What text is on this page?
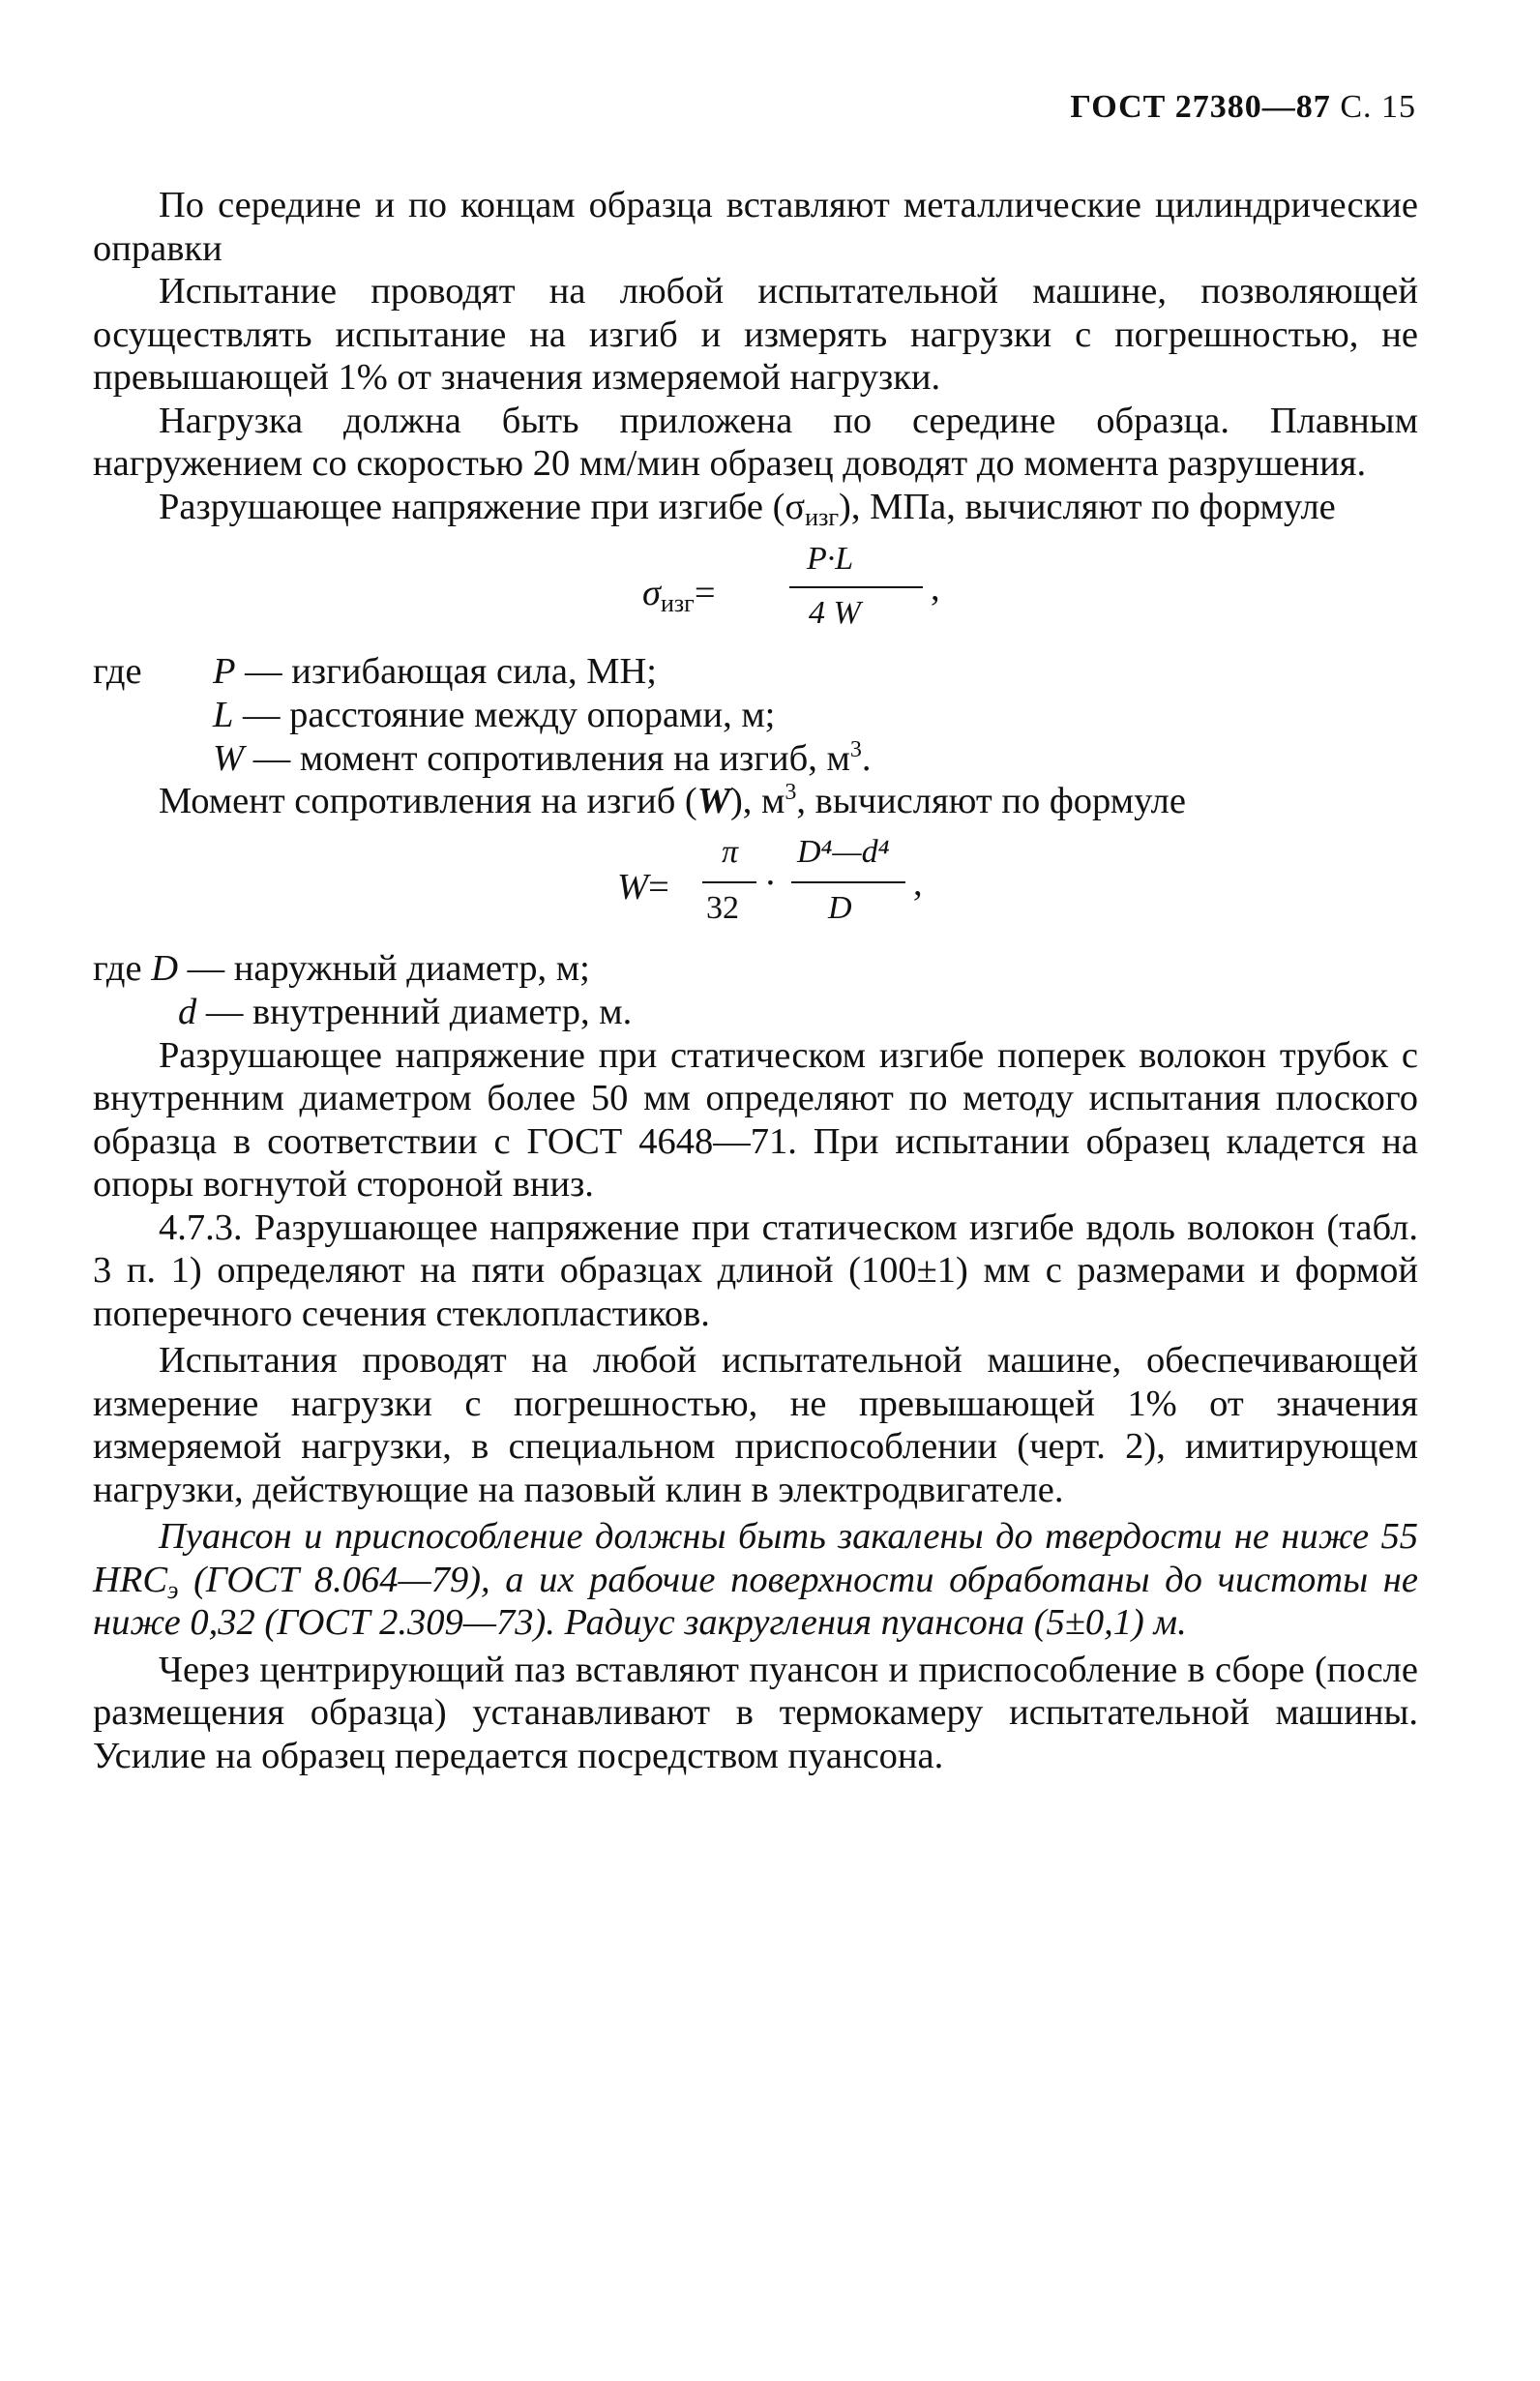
ГОСТ 27380—87 С. 15

По середине и по концам образца вставляют металлические цилиндрические оправки

Испытание проводят на любой испытательной машине, позволяющей осуществлять испытание на изгиб и измерять нагрузки с погрешностью, не превышающей 1% от значения измеряемой нагрузки.

Нагрузка должна быть приложена по середине образца. Плавным нагружением со скоростью 20 мм/мин образец доводят до момента разрушения.

Разрушающее напряжение при изгибе $(\sigma_{изг})$, МПа, вычисляют по формуле

$\sigma_{изг}=$
P·L
4 W
,
где P — изгибающая сила, МН;
L — расстояние между опорами, м;
W — момент сопротивления на изгиб, $м^3$.

Момент сопротивления на изгиб (W), $м^3$, вычисляют по формуле

W=
π
32
·
D⁴—d⁴
D
,
где D — наружный диаметр, м;
d — внутренний диаметр, м.

Разрушающее напряжение при статическом изгибе поперек волокон трубок с внутренним диаметром более 50 мм определяют по методу испытания плоского образца в соответствии с ГОСТ 4648—71. При испытании образец кладется на опоры вогнутой стороной вниз.

4.7.3. Разрушающее напряжение при статическом изгибе вдоль волокон (табл. 3 п. 1) определяют на пяти образцах длиной (100±1) мм с размерами и формой поперечного сечения стеклопластиков.

Испытания проводят на любой испытательной машине, обеспечивающей измерение нагрузки с погрешностью, не превышающей 1% от значения измеряемой нагрузки, в специальном приспособлении (черт. 2), имитирующем нагрузки, действующие на пазовый клин в электродвигателе.

Пуансон и приспособление должны быть закалены до твердости не ниже 55 $HRC_э$ (ГОСТ 8.064—79), а их рабочие поверхности обработаны до чистоты не ниже 0,32 (ГОСТ 2.309—73). Радиус закругления пуансона (5±0,1) м.

Через центрирующий паз вставляют пуансон и приспособление в сборе (после размещения образца) устанавливают в термокамеру испытательной машины. Усилие на образец передается посредством пуансона.
